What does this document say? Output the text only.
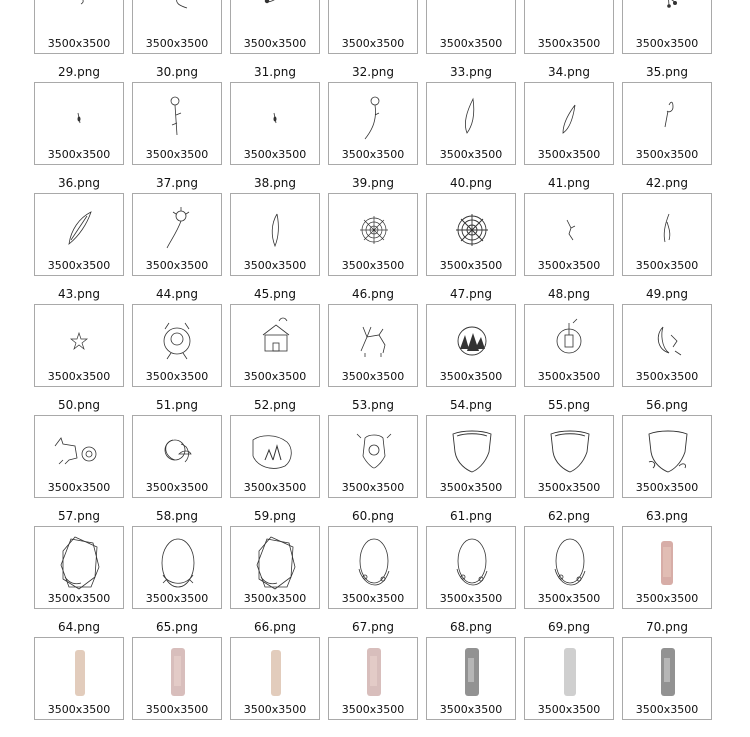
3500x3500
29.png
3500x3500
30.png
3500x3500
31.png
3500x3500
32.png
3500x3500
33.png
3500x3500
34.png
3500x3500
35.png
3500x3500
36.png
3500x3500
37.png
3500x3500
38.png
3500x3500
39.png
3500x3500
40.png
3500x3500
41.png
3500x3500
42.png
3500x3500
43.png
3500x3500
44.png
3500x3500
45.png
3500x3500
46.png
3500x3500
47.png
3500x3500
48.png
3500x3500
49.png
3500x3500
50.png
3500x3500
51.png
3500x3500
52.png
3500x3500
53.png
3500x3500
54.png
3500x3500
55.png
3500x3500
56.png
3500x3500
57.png
3500x3500
58.png
3500x3500
59.png
3500x3500
60.png
3500x3500
61.png
3500x3500
62.png
3500x3500
63.png
3500x3500
64.png
3500x3500
65.png
3500x3500
66.png
3500x3500
67.png
3500x3500
68.png
3500x3500
69.png
3500x3500
70.png
3500x3500	3500x3500	3500x3500	3500x3500	3500x3500	3500x3500	3500x3500
